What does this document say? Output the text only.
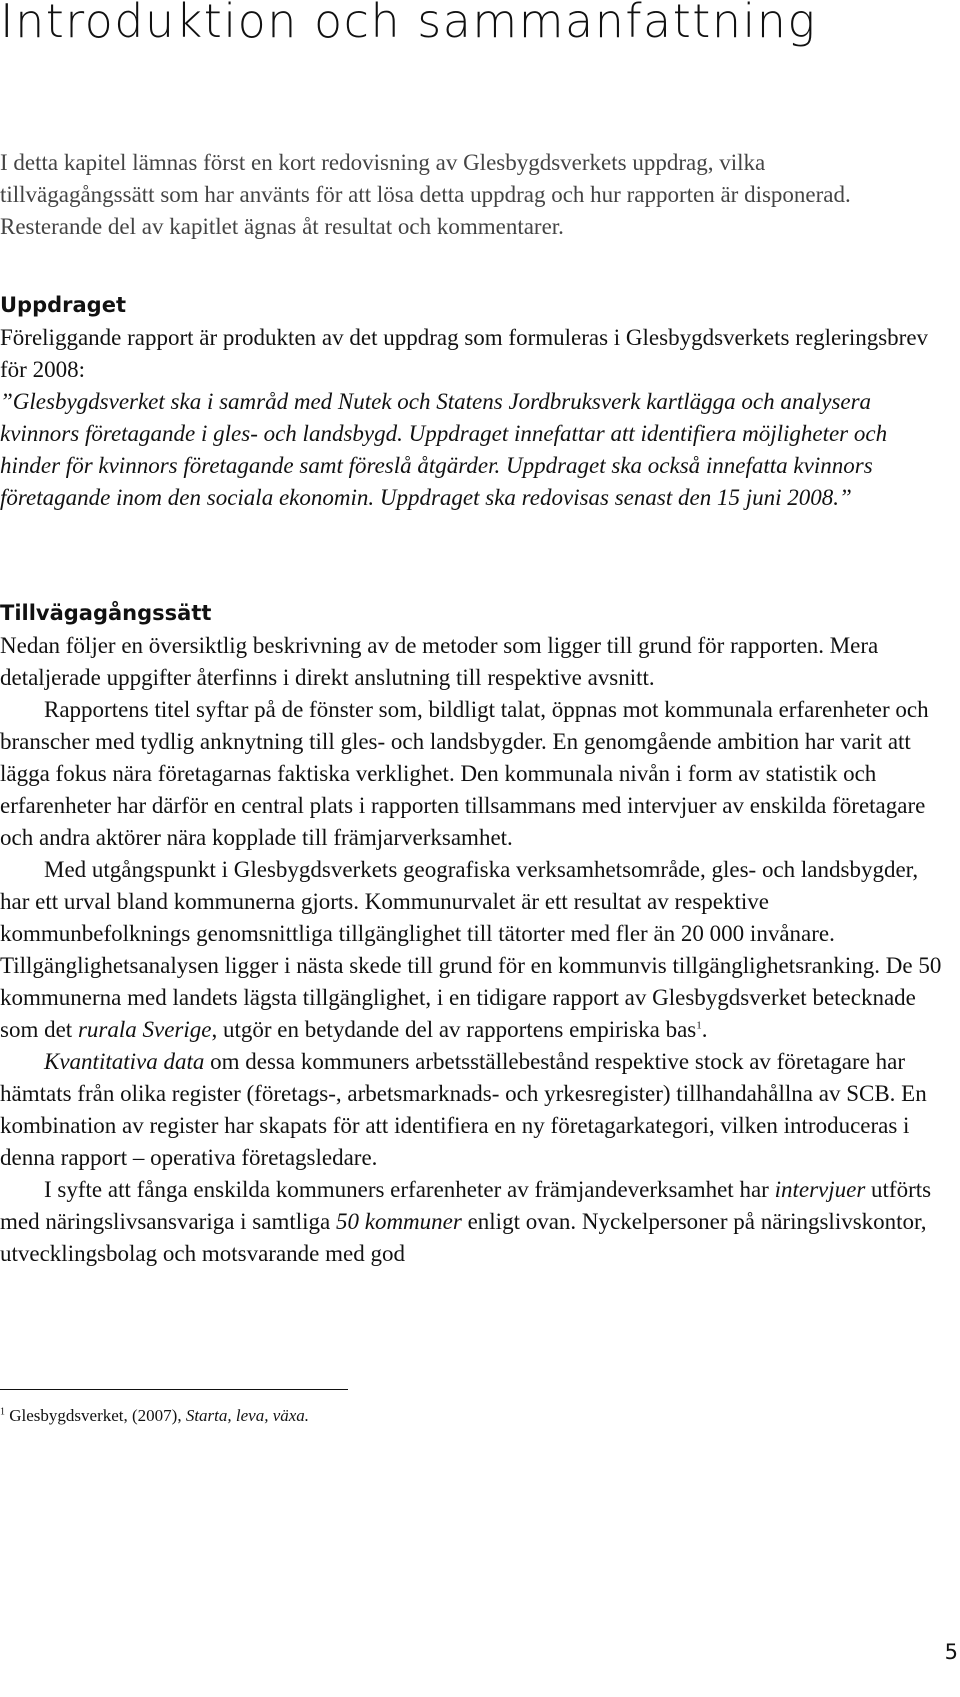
Introduktion och sammanfattning

I detta kapitel lämnas först en kort redovisning av Glesbygdsverkets uppdrag, vilka tillvägagångssätt som har använts för att lösa detta uppdrag och hur rapporten är disponerad. Resterande del av kapitlet ägnas åt resultat och kommentarer.

Uppdraget

Föreliggande rapport är produkten av det uppdrag som formuleras i Glesbygdsverkets regleringsbrev för 2008:

”Glesbygdsverket ska i samråd med Nutek och Statens Jordbruksverk kartlägga och analysera kvinnors företagande i gles- och landsbygd. Uppdraget innefattar att identifiera möjligheter och hinder för kvinnors företagande samt föreslå åtgärder. Uppdraget ska också innefatta kvinnors företagande inom den sociala ekonomin. Uppdraget ska redovisas senast den 15 juni 2008.”

Tillvägagångssätt

Nedan följer en översiktlig beskrivning av de metoder som ligger till grund för rapporten. Mera detaljerade uppgifter återfinns i direkt anslutning till respektive avsnitt.

Rapportens titel syftar på de fönster som, bildligt talat, öppnas mot kommunala erfarenheter och branscher med tydlig anknytning till gles- och landsbygder. En genomgående ambition har varit att lägga fokus nära företagarnas faktiska verklighet. Den kommunala nivån i form av statistik och erfarenheter har därför en central plats i rapporten tillsammans med intervjuer av enskilda företagare och andra aktörer nära kopplade till främjarverksamhet.

Med utgångspunkt i Glesbygdsverkets geografiska verksamhetsområde, gles- och landsbygder, har ett urval bland kommunerna gjorts. Kommunurvalet är ett resultat av respektive kommunbefolknings genomsnittliga tillgänglighet till tätorter med fler än 20 000 invånare. Tillgänglighetsanalysen ligger i nästa skede till grund för en kommunvis tillgänglighetsranking. De 50 kommunerna med landets lägsta tillgänglighet, i en tidigare rapport av Glesbygdsverket betecknade som det rurala Sverige, utgör en betydande del av rapportens empiriska bas$^1$.

Kvantitativa data om dessa kommuners arbetsställebestånd respektive stock av företagare har hämtats från olika register (företags-, arbetsmarknads- och yrkesregister) tillhandahållna av SCB. En kombination av register har skapats för att identifiera en ny företagarkategori, vilken introduceras i denna rapport – operativa företagsledare.

I syfte att fånga enskilda kommuners erfarenheter av främjandeverksamhet har intervjuer utförts med näringslivsansvariga i samtliga 50 kommuner enligt ovan. Nyckelpersoner på näringslivskontor, utvecklingsbolag och motsvarande med god

$^1$ Glesbygdsverket, (2007), Starta, leva, växa.

5
